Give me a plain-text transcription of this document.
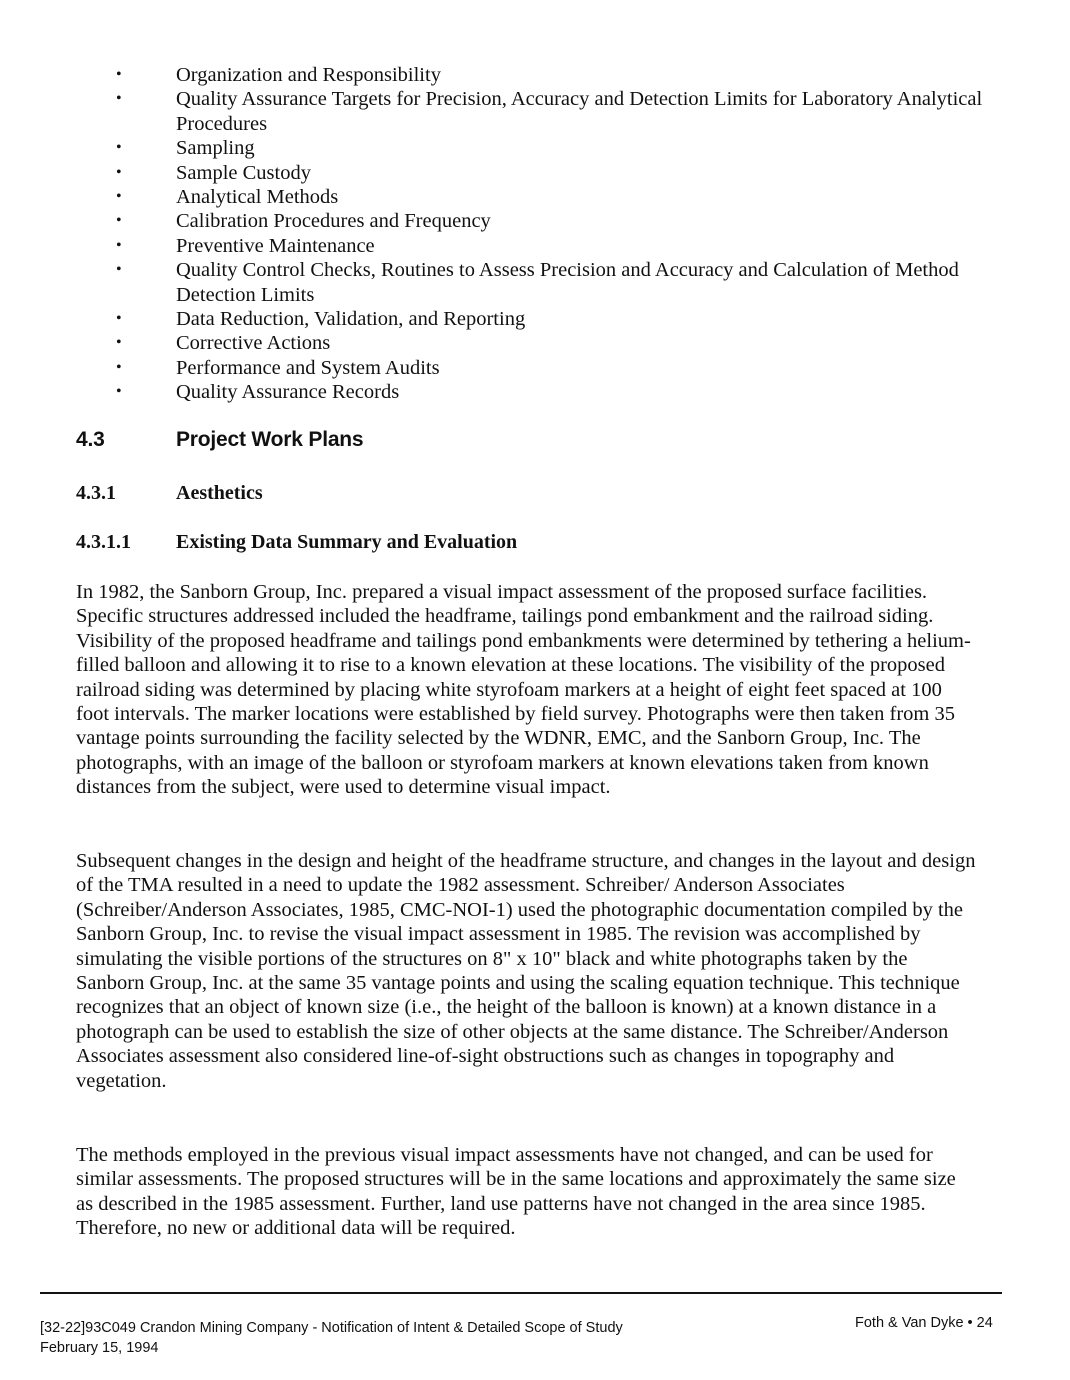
•	Organization and Responsibility
•	Quality Assurance Targets for Precision, Accuracy and Detection Limits for Laboratory Analytical Procedures
•	Sampling
•	Sample Custody
•	Analytical Methods
•	Calibration Procedures and Frequency
•	Preventive Maintenance
•	Quality Control Checks, Routines to Assess Precision and Accuracy and Calculation of Method Detection Limits
•	Data Reduction, Validation, and Reporting
•	Corrective Actions
•	Performance and System Audits
•	Quality Assurance Records
4.3	Project Work Plans
4.3.1	Aesthetics
4.3.1.1 Existing Data Summary and Evaluation

In 1982, the Sanborn Group, Inc. prepared a visual impact assessment of the proposed surface facilities. Specific structures addressed included the headframe, tailings pond embankment and the railroad siding. Visibility of the proposed headframe and tailings pond embankments were determined by tethering a helium-filled balloon and allowing it to rise to a known elevation at these locations. The visibility of the proposed railroad siding was determined by placing white styrofoam markers at a height of eight feet spaced at 100 foot intervals. The marker locations were established by field survey. Photographs were then taken from 35 vantage points surrounding the facility selected by the WDNR, EMC, and the Sanborn Group, Inc. The photographs, with an image of the balloon or styrofoam markers at known elevations taken from known distances from the subject, were used to determine visual impact.

Subsequent changes in the design and height of the headframe structure, and changes in the layout and design of the TMA resulted in a need to update the 1982 assessment. Schreiber/ Anderson Associates (Schreiber/Anderson Associates, 1985, CMC-NOI-1) used the photographic documentation compiled by the Sanborn Group, Inc. to revise the visual impact assessment in 1985. The revision was accomplished by simulating the visible portions of the structures on 8" x 10" black and white photographs taken by the Sanborn Group, Inc. at the same 35 vantage points and using the scaling equation technique. This technique recognizes that an object of known size (i.e., the height of the balloon is known) at a known distance in a photograph can be used to establish the size of other objects at the same distance. The Schreiber/Anderson Associates assessment also considered line-of-sight obstructions such as changes in topography and vegetation.

The methods employed in the previous visual impact assessments have not changed, and can be used for similar assessments. The proposed structures will be in the same locations and approximately the same size as described in the 1985 assessment. Further, land use patterns have not changed in the area since 1985. Therefore, no new or additional data will be required.

[32-22]93C049 Crandon Mining Company - Notification of Intent & Detailed Scope of Study
February 15, 1994
Foth & Van Dyke • 24
